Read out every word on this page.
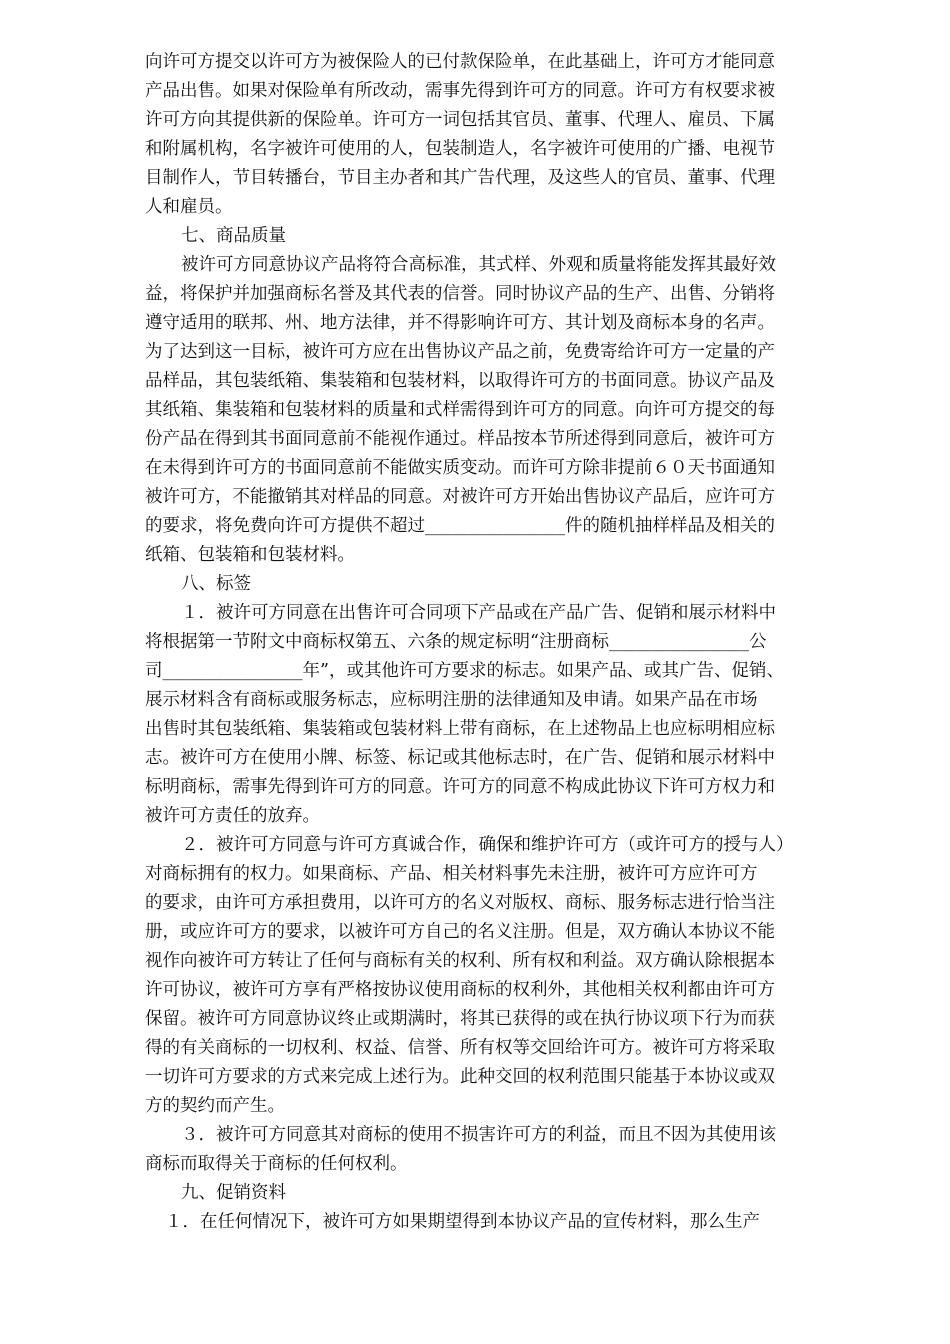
向许可方提交以许可方为被保险人的已付款保险单，在此基础上，许可方才能同意
产品出售。如果对保险单有所改动，需事先得到许可方的同意。许可方有权要求被
许可方向其提供新的保险单。许可方一词包括其官员、董事、代理人、雇员、下属
和附属机构，名字被许可使用的人，包装制造人，名字被许可使用的广播、电视节
目制作人，节目转播台，节目主办者和其广告代理，及这些人的官员、董事、代理
人和雇员。
七、商品质量
被许可方同意协议产品将符合高标准，其式样、外观和质量将能发挥其最好效
益，将保护并加强商标名誉及其代表的信誉。同时协议产品的生产、出售、分销将
遵守适用的联邦、州、地方法律，并不得影响许可方、其计划及商标本身的名声。
为了达到这一目标，被许可方应在出售协议产品之前，免费寄给许可方一定量的产
品样品，其包装纸箱、集装箱和包装材料，以取得许可方的书面同意。协议产品及
其纸箱、集装箱和包装材料的质量和式样需得到许可方的同意。向许可方提交的每
份产品在得到其书面同意前不能视作通过。样品按本节所述得到同意后，被许可方
在未得到许可方的书面同意前不能做实质变动。而许可方除非提前６０天书面通知
被许可方，不能撤销其对样品的同意。对被许可方开始出售协议产品后，应许可方
的要求，将免费向许可方提供不超过________________件的随机抽样样品及相关的
纸箱、包装箱和包装材料。
八、标签
１．被许可方同意在出售许可合同项下产品或在产品广告、促销和展示材料中
将根据第一节附文中商标权第五、六条的规定标明“注册商标________________公
司________________年”，或其他许可方要求的标志。如果产品、或其广告、促销、
展示材料含有商标或服务标志，应标明注册的法律通知及申请。如果产品在市场
出售时其包装纸箱、集装箱或包装材料上带有商标，在上述物品上也应标明相应标
志。被许可方在使用小牌、标签、标记或其他标志时，在广告、促销和展示材料中
标明商标，需事先得到许可方的同意。许可方的同意不构成此协议下许可方权力和
被许可方责任的放弃。
２．被许可方同意与许可方真诚合作，确保和维护许可方（或许可方的授与人）
对商标拥有的权力。如果商标、产品、相关材料事先未注册，被许可方应许可方
的要求，由许可方承担费用，以许可方的名义对版权、商标、服务标志进行恰当注
册，或应许可方的要求，以被许可方自己的名义注册。但是，双方确认本协议不能
视作向被许可方转让了任何与商标有关的权利、所有权和利益。双方确认除根据本
许可协议，被许可方享有严格按协议使用商标的权利外，其他相关权利都由许可方
保留。被许可方同意协议终止或期满时，将其已获得的或在执行协议项下行为而获
得的有关商标的一切权利、权益、信誉、所有权等交回给许可方。被许可方将采取
一切许可方要求的方式来完成上述行为。此种交回的权利范围只能基于本协议或双
方的契约而产生。
３．被许可方同意其对商标的使用不损害许可方的利益，而且不因为其使用该
商标而取得关于商标的任何权利。
九、促销资料
１．在任何情况下，被许可方如果期望得到本协议产品的宣传材料，那么生产
